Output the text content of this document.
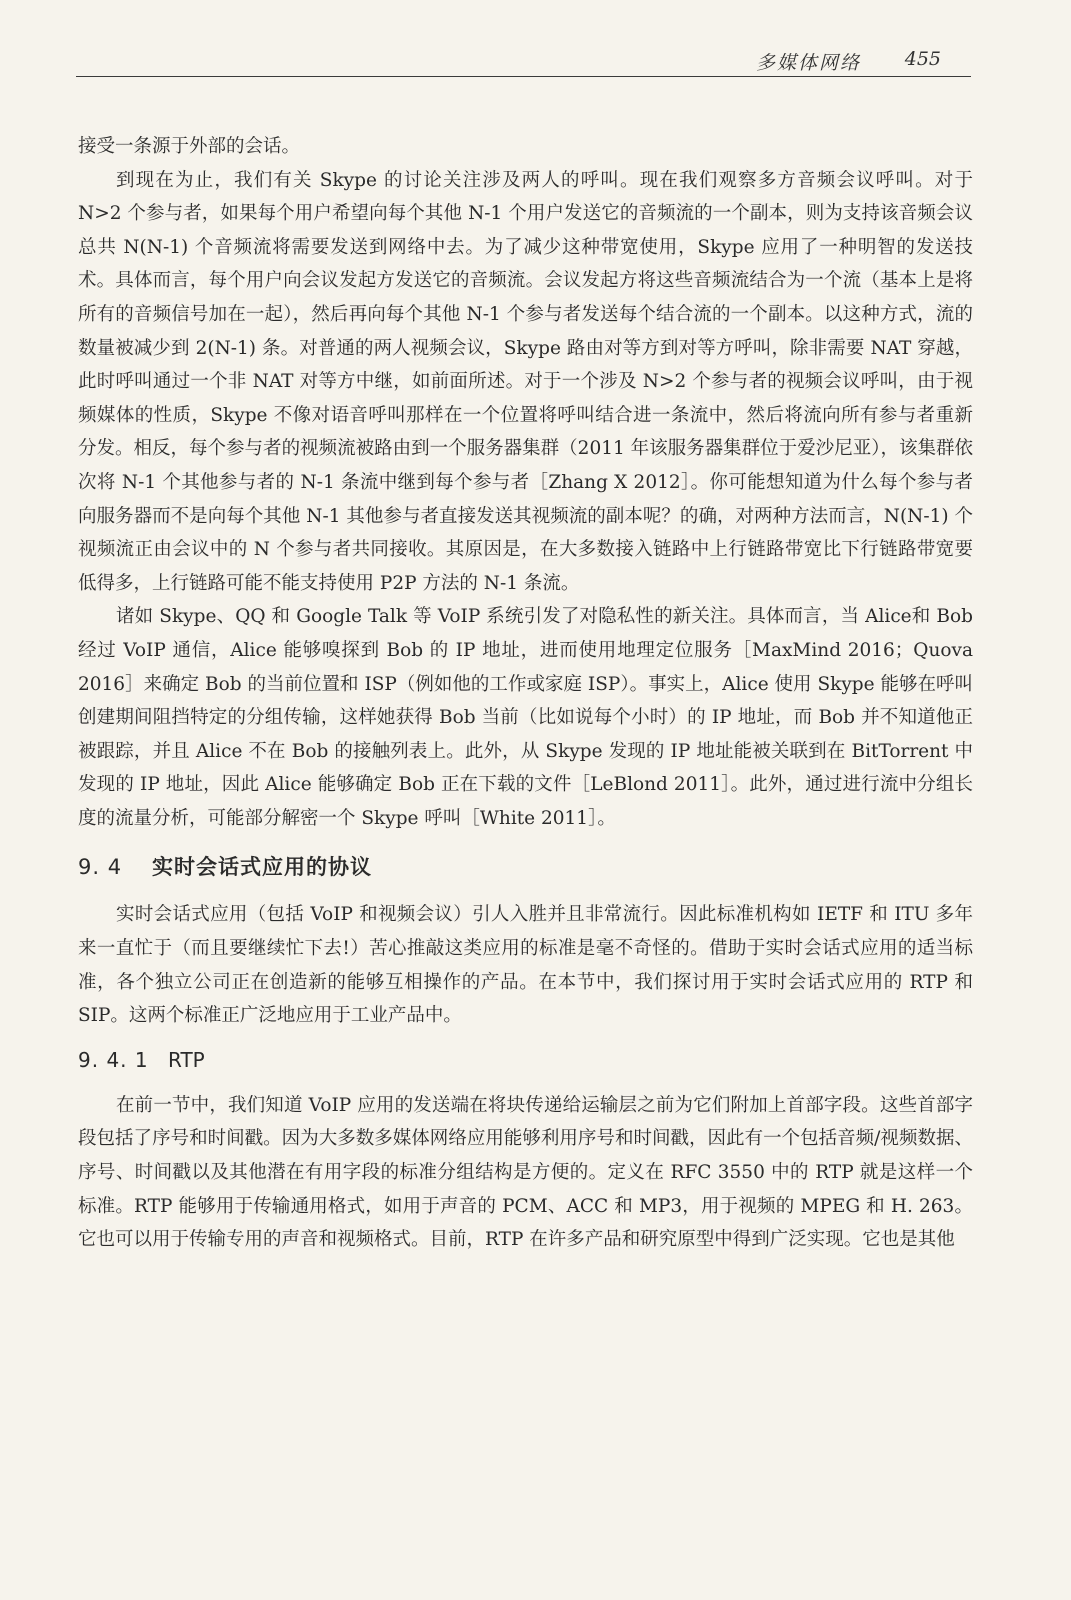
多媒体网络 455

接受一条源于外部的会话。

到现在为止，我们有关 Skype 的讨论关注涉及两人的呼叫。现在我们观察多方音频会议呼叫。对于 N>2 个参与者，如果每个用户希望向每个其他 N-1 个用户发送它的音频流的一个副本，则为支持该音频会议总共 N(N-1) 个音频流将需要发送到网络中去。为了减少这种带宽使用，Skype 应用了一种明智的发送技术。具体而言，每个用户向会议发起方发送它的音频流。会议发起方将这些音频流结合为一个流（基本上是将所有的音频信号加在一起），然后再向每个其他 N-1 个参与者发送每个结合流的一个副本。以这种方式，流的数量被减少到 2(N-1) 条。对普通的两人视频会议，Skype 路由对等方到对等方呼叫，除非需要 NAT 穿越，此时呼叫通过一个非 NAT 对等方中继，如前面所述。对于一个涉及 N>2 个参与者的视频会议呼叫，由于视频媒体的性质，Skype 不像对语音呼叫那样在一个位置将呼叫结合进一条流中，然后将流向所有参与者重新分发。相反，每个参与者的视频流被路由到一个服务器集群（2011 年该服务器集群位于爱沙尼亚），该集群依次将 N-1 个其他参与者的 N-1 条流中继到每个参与者［Zhang X 2012］。你可能想知道为什么每个参与者向服务器而不是向每个其他 N-1 其他参与者直接发送其视频流的副本呢？的确，对两种方法而言，N(N-1) 个视频流正由会议中的 N 个参与者共同接收。其原因是，在大多数接入链路中上行链路带宽比下行链路带宽要低得多，上行链路可能不能支持使用 P2P 方法的 N-1 条流。

诸如 Skype、QQ 和 Google Talk 等 VoIP 系统引发了对隐私性的新关注。具体而言，当 Alice和 Bob 经过 VoIP 通信，Alice 能够嗅探到 Bob 的 IP 地址，进而使用地理定位服务［MaxMind 2016；Quova 2016］来确定 Bob 的当前位置和 ISP（例如他的工作或家庭 ISP）。事实上，Alice 使用 Skype 能够在呼叫创建期间阻挡特定的分组传输，这样她获得 Bob 当前（比如说每个小时）的 IP 地址，而 Bob 并不知道他正被跟踪，并且 Alice 不在 Bob 的接触列表上。此外，从 Skype 发现的 IP 地址能被关联到在 BitTorrent 中发现的 IP 地址，因此 Alice 能够确定 Bob 正在下载的文件［LeBlond 2011］。此外，通过进行流中分组长度的流量分析，可能部分解密一个 Skype 呼叫［White 2011］。

9. 4 实时会话式应用的协议

实时会话式应用（包括 VoIP 和视频会议）引人入胜并且非常流行。因此标准机构如 IETF 和 ITU 多年来一直忙于（而且要继续忙下去!）苦心推敲这类应用的标准是毫不奇怪的。借助于实时会话式应用的适当标准，各个独立公司正在创造新的能够互相操作的产品。在本节中，我们探讨用于实时会话式应用的 RTP 和 SIP。这两个标准正广泛地应用于工业产品中。

9. 4. 1 RTP

在前一节中，我们知道 VoIP 应用的发送端在将块传递给运输层之前为它们附加上首部字段。这些首部字段包括了序号和时间戳。因为大多数多媒体网络应用能够利用序号和时间戳，因此有一个包括音频/视频数据、序号、时间戳以及其他潜在有用字段的标准分组结构是方便的。定义在 RFC 3550 中的 RTP 就是这样一个标准。RTP 能够用于传输通用格式，如用于声音的 PCM、ACC 和 MP3，用于视频的 MPEG 和 H. 263。它也可以用于传输专用的声音和视频格式。目前，RTP 在许多产品和研究原型中得到广泛实现。它也是其他
